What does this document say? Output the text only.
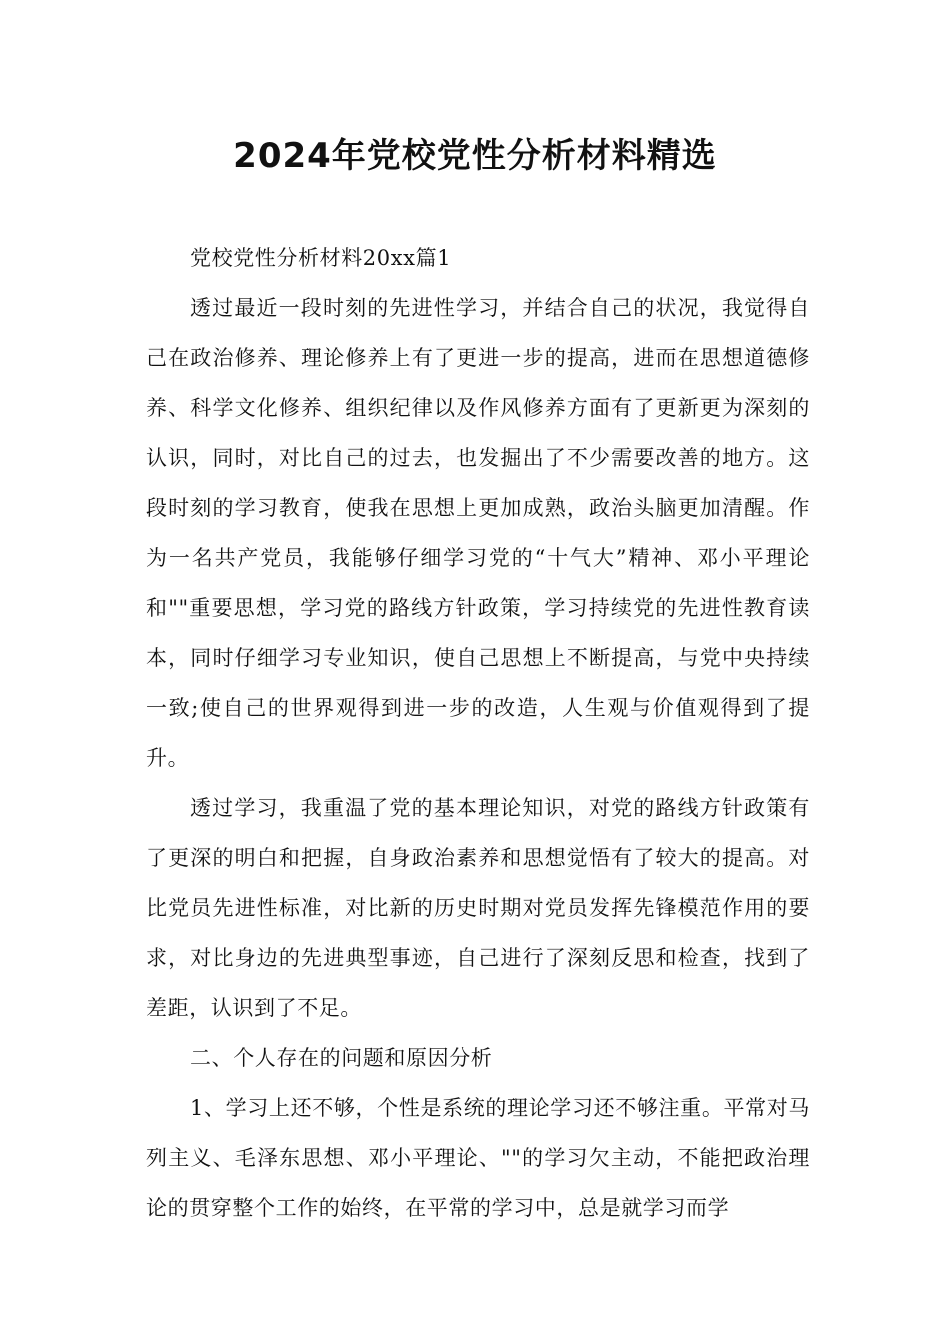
2024年党校党性分析材料精选

党校党性分析材料20xx篇1

透过最近一段时刻的先进性学习，并结合自己的状况，我觉得自己在政治修养、理论修养上有了更进一步的提高，进而在思想道德修养、科学文化修养、组织纪律以及作风修养方面有了更新更为深刻的认识，同时，对比自己的过去，也发掘出了不少需要改善的地方。这段时刻的学习教育，使我在思想上更加成熟，政治头脑更加清醒。作为一名共产党员，我能够仔细学习党的“十气大”精神、邓小平理论和""重要思想，学习党的路线方针政策，学习持续党的先进性教育读本，同时仔细学习专业知识，使自己思想上不断提高，与党中央持续一致;使自己的世界观得到进一步的改造，人生观与价值观得到了提升。

透过学习，我重温了党的基本理论知识，对党的路线方针政策有了更深的明白和把握，自身政治素养和思想觉悟有了较大的提高。对比党员先进性标准，对比新的历史时期对党员发挥先锋模范作用的要求，对比身边的先进典型事迹，自己进行了深刻反思和检查，找到了差距，认识到了不足。

二、个人存在的问题和原因分析

1、学习上还不够，个性是系统的理论学习还不够注重。平常对马列主义、毛泽东思想、邓小平理论、""的学习欠主动，不能把政治理论的贯穿整个工作的始终，在平常的学习中，总是就学习而学
